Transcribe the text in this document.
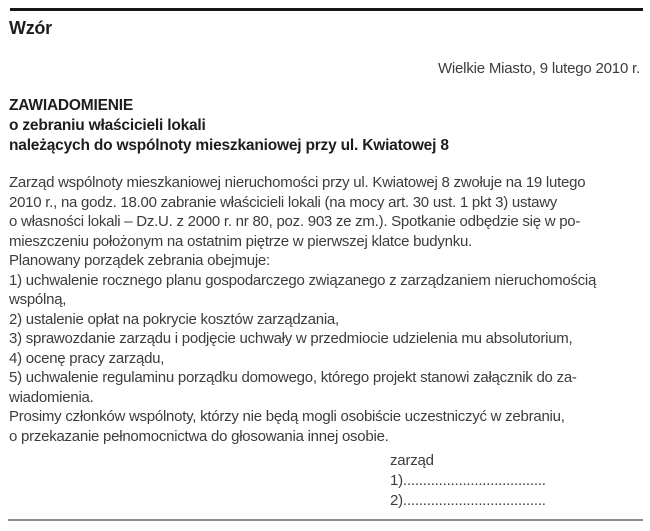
Wzór
Wielkie Miasto, 9 lutego 2010 r.
ZAWIADOMIENIE
o zebraniu właścicieli lokali
należących do wspólnoty mieszkaniowej przy ul. Kwiatowej 8
Zarząd wspólnoty mieszkaniowej nieruchomości przy ul. Kwiatowej 8 zwołuje na 19 lutego
2010 r., na godz. 18.00 zabranie właścicieli lokali (na mocy art. 30 ust. 1 pkt 3) ustawy
o własności lokali – Dz.U. z 2000 r. nr 80, poz. 903 ze zm.). Spotkanie odbędzie się w po-
mieszczeniu położonym na ostatnim piętrze w pierwszej klatce budynku.
Planowany porządek zebrania obejmuje:
1) uchwalenie rocznego planu gospodarczego związanego z zarządzaniem nieruchomością
wspólną,
2) ustalenie opłat na pokrycie kosztów zarządzania,
3) sprawozdanie zarządu i podjęcie uchwały w przedmiocie udzielenia mu absolutorium,
4) ocenę pracy zarządu,
5) uchwalenie regulaminu porządku domowego, którego projekt stanowi załącznik do za-
wiadomienia.
Prosimy członków wspólnoty, którzy nie będą mogli osobiście uczestniczyć w zebraniu,
o przekazanie pełnomocnictwa do głosowania innej osobie.
zarząd
1)....................................
2)....................................
